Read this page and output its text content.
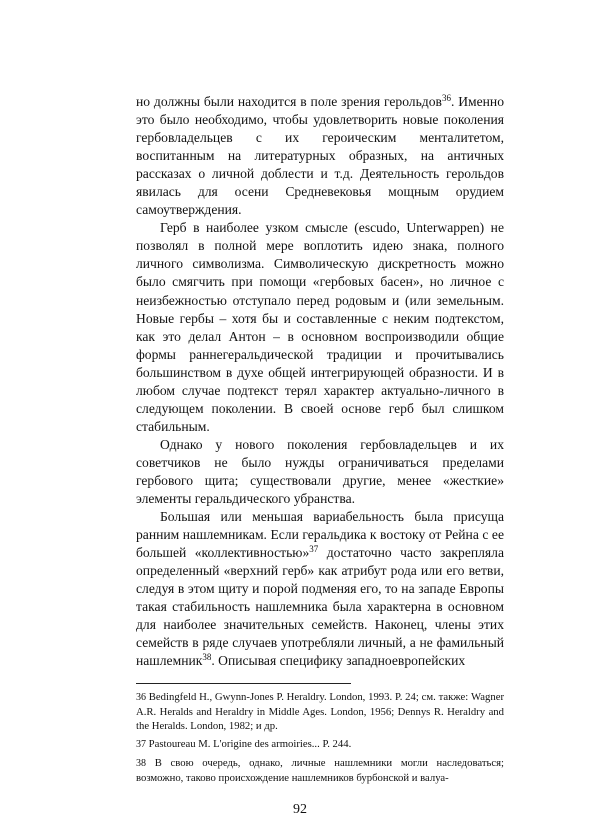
но должны были находится в поле зрения герольдов$^{36}$. Именно это было необходимо, чтобы удовлетворить новые поколения гербовладельцев с их героическим менталитетом, воспитанным на литературных образных, на античных рассказах о личной доблести и т.д. Деятельность герольдов явилась для осени Средневековья мощным орудием самоутверждения.

Герб в наиболее узком смысле (escudo, Unterwappen) не позволял в полной мере воплотить идею знака, полного личного символизма. Символическую дискретность можно было смягчить при помощи «гербовых басен», но личное с неизбежностью отступало перед родовым и (или земельным. Новые гербы – хотя бы и составленные с неким подтекстом, как это делал Антон – в основном воспроизводили общие формы раннегеральдической традиции и прочитывались большинством в духе общей интегрирующей образности. И в любом случае подтекст терял характер актуально-личного в следующем поколении. В своей основе герб был слишком стабильным.

Однако у нового поколения гербовладельцев и их советчиков не было нужды ограничиваться пределами гербового щита; существовали другие, менее «жесткие» элементы геральдического убранства.

Большая или меньшая вариабельность была присуща ранним нашлемникам. Если геральдика к востоку от Рейна с ее большей «коллективностью»$^{37}$ достаточно часто закрепляла определенный «верхний герб» как атрибут рода или его ветви, следуя в этом щиту и порой подменяя его, то на западе Европы такая стабильность нашлемника была характерна в основном для наиболее значительных семейств. Наконец, члены этих семейств в ряде случаев употребляли личный, а не фамильный нашлемник$^{38}$. Описывая специфику западноевропейских

36 Bedingfeld H., Gwynn-Jones P. Heraldry. London, 1993. P. 24; см. также: Wagner A.R. Heralds and Heraldry in Middle Ages. London, 1956; Dennys R. Heraldry and the Heralds. London, 1982; и др.

37 Pastoureau M. L'origine des armoiries... P. 244.

38 В свою очередь, однако, личные нашлемники могли наследоваться; возможно, таково происхождение нашлемников бурбонской и валуа-

92
